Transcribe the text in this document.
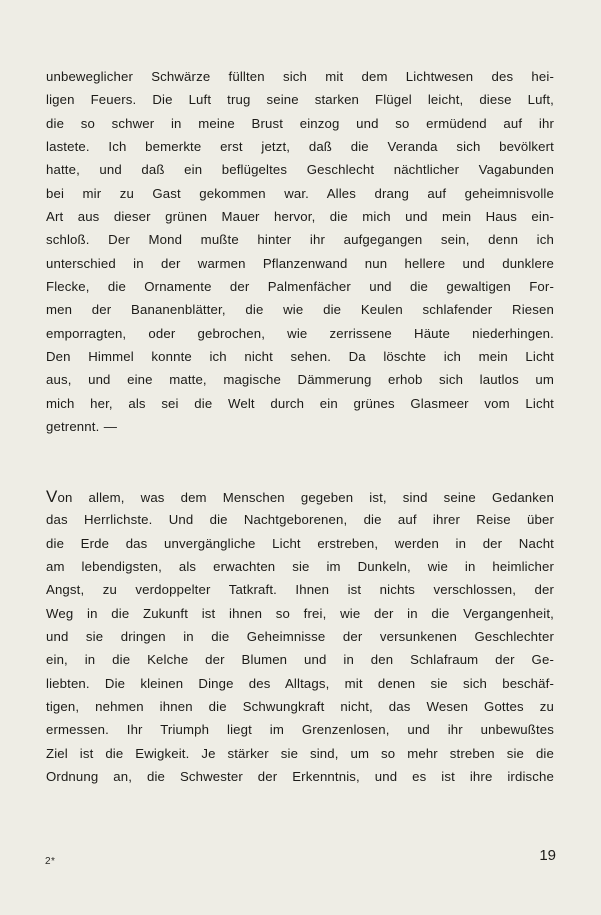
unbeweglicher Schwärze füllten sich mit dem Lichtwesen des hei-
ligen Feuers. Die Luft trug seine starken Flügel leicht, diese Luft,
die so schwer in meine Brust einzog und so ermüdend auf ihr
lastete. Ich bemerkte erst jetzt, daß die Veranda sich bevölkert
hatte, und daß ein beflügeltes Geschlecht nächtlicher Vagabunden
bei mir zu Gast gekommen war. Alles drang auf geheimnisvolle
Art aus dieser grünen Mauer hervor, die mich und mein Haus ein-
schloß. Der Mond mußte hinter ihr aufgegangen sein, denn ich
unterschied in der warmen Pflanzenwand nun hellere und dunklere
Flecke, die Ornamente der Palmenfächer und die gewaltigen For-
men der Bananenblätter, die wie die Keulen schlafender Riesen
emporragten, oder gebrochen, wie zerrissene Häute niederhingen.
Den Himmel konnte ich nicht sehen. Da löschte ich mein Licht
aus, und eine matte, magische Dämmerung erhob sich lautlos um
mich her, als sei die Welt durch ein grünes Glasmeer vom Licht
getrennt. —
Von allem, was dem Menschen gegeben ist, sind seine Gedanken
das Herrlichste. Und die Nachtgeborenen, die auf ihrer Reise über
die Erde das unvergängliche Licht erstreben, werden in der Nacht
am lebendigsten, als erwachten sie im Dunkeln, wie in heimlicher
Angst, zu verdoppelter Tatkraft. Ihnen ist nichts verschlossen, der
Weg in die Zukunft ist ihnen so frei, wie der in die Vergangenheit,
und sie dringen in die Geheimnisse der versunkenen Geschlechter
ein, in die Kelche der Blumen und in den Schlafraum der Ge-
liebten. Die kleinen Dinge des Alltags, mit denen sie sich beschäf-
tigen, nehmen ihnen die Schwungkraft nicht, das Wesen Gottes zu
ermessen. Ihr Triumph liegt im Grenzenlosen, und ihr unbewußtes
Ziel ist die Ewigkeit. Je stärker sie sind, um so mehr streben sie die
Ordnung an, die Schwester der Erkenntnis, und es ist ihre irdische
2*	19
